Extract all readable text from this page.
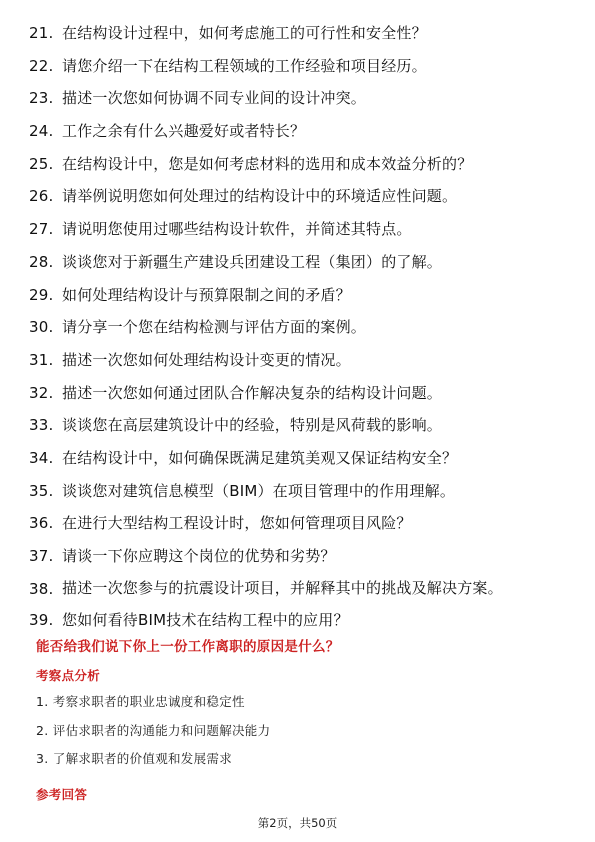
21. 在结构设计过程中，如何考虑施工的可行性和安全性？
22. 请您介绍一下在结构工程领域的工作经验和项目经历。
23. 描述一次您如何协调不同专业间的设计冲突。
24. 工作之余有什么兴趣爱好或者特长？
25. 在结构设计中，您是如何考虑材料的选用和成本效益分析的？
26. 请举例说明您如何处理过的结构设计中的环境适应性问题。
27. 请说明您使用过哪些结构设计软件，并简述其特点。
28. 谈谈您对于新疆生产建设兵团建设工程（集团）的了解。
29. 如何处理结构设计与预算限制之间的矛盾？
30. 请分享一个您在结构检测与评估方面的案例。
31. 描述一次您如何处理结构设计变更的情况。
32. 描述一次您如何通过团队合作解决复杂的结构设计问题。
33. 谈谈您在高层建筑设计中的经验，特别是风荷载的影响。
34. 在结构设计中，如何确保既满足建筑美观又保证结构安全？
35. 谈谈您对建筑信息模型（BIM）在项目管理中的作用理解。
36. 在进行大型结构工程设计时，您如何管理项目风险？
37. 请谈一下你应聘这个岗位的优势和劣势？
38. 描述一次您参与的抗震设计项目，并解释其中的挑战及解决方案。
39. 您如何看待BIM技术在结构工程中的应用？
能否给我们说下你上一份工作离职的原因是什么？
考察点分析
1. 考察求职者的职业忠诚度和稳定性
2. 评估求职者的沟通能力和问题解决能力
3. 了解求职者的价值观和发展需求
参考回答
第2页，共50页
